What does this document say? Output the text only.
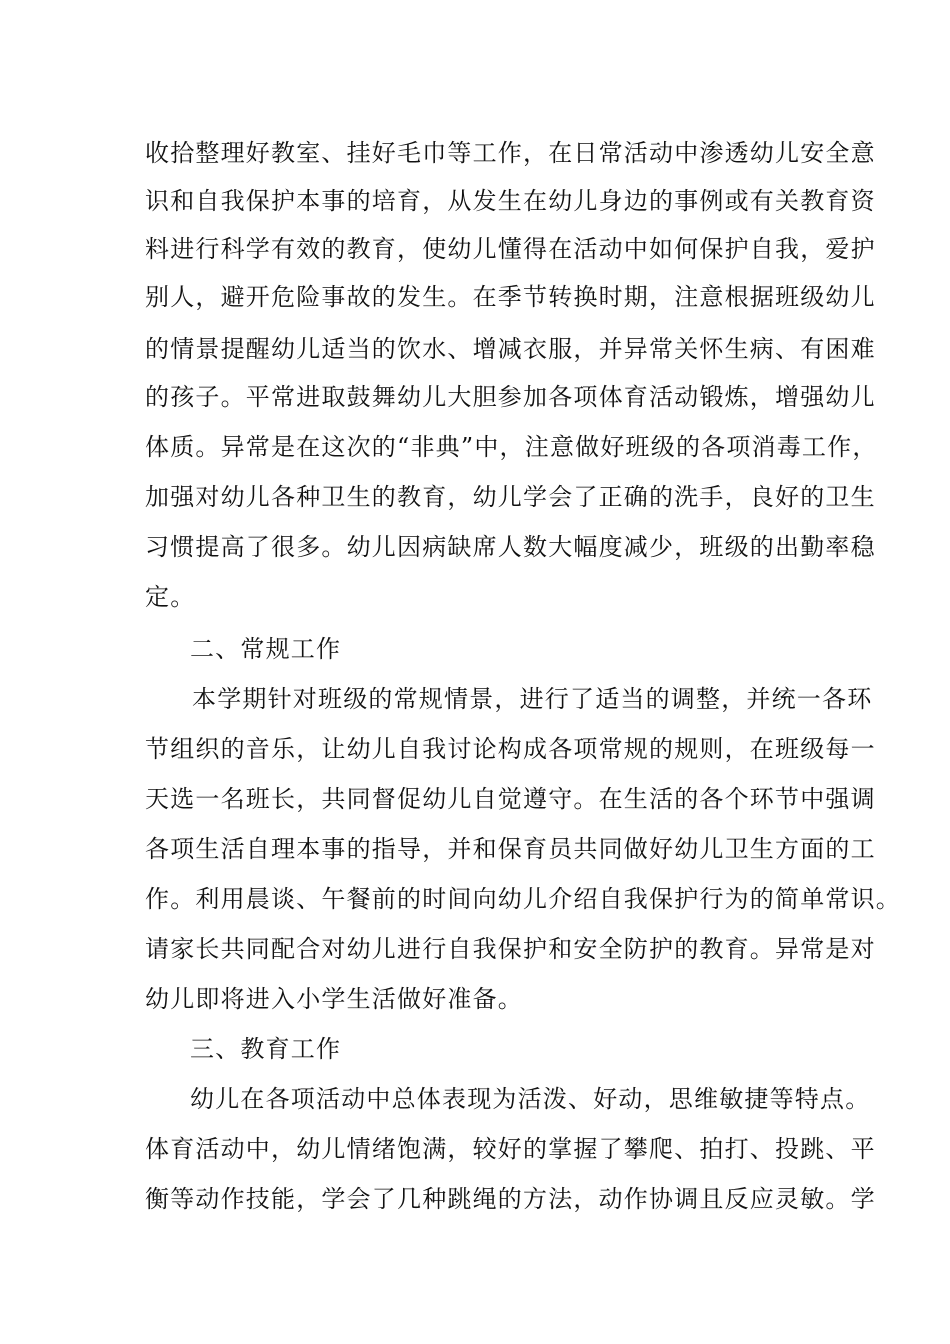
收拾整理好教室、挂好毛巾等工作，在日常活动中渗透幼儿安全意
识和自我保护本事的培育，从发生在幼儿身边的事例或有关教育资
料进行科学有效的教育，使幼儿懂得在活动中如何保护自我，爱护
别人，避开危险事故的发生。在季节转换时期，注意根据班级幼儿
的情景提醒幼儿适当的饮水、增减衣服，并异常关怀生病、有困难
的孩子。平常进取鼓舞幼儿大胆参加各项体育活动锻炼，增强幼儿
体质。异常是在这次的“非典”中，注意做好班级的各项消毒工作，
加强对幼儿各种卫生的教育，幼儿学会了正确的洗手，良好的卫生
习惯提高了很多。幼儿因病缺席人数大幅度减少，班级的出勤率稳
定。
二、常规工作
本学期针对班级的常规情景，进行了适当的调整，并统一各环
节组织的音乐，让幼儿自我讨论构成各项常规的规则，在班级每一
天选一名班长，共同督促幼儿自觉遵守。在生活的各个环节中强调
各项生活自理本事的指导，并和保育员共同做好幼儿卫生方面的工
作。利用晨谈、午餐前的时间向幼儿介绍自我保护行为的简单常识。
请家长共同配合对幼儿进行自我保护和安全防护的教育。异常是对
幼儿即将进入小学生活做好准备。
三、教育工作
幼儿在各项活动中总体表现为活泼、好动，思维敏捷等特点。
体育活动中，幼儿情绪饱满，较好的掌握了攀爬、拍打、投跳、平
衡等动作技能，学会了几种跳绳的方法，动作协调且反应灵敏。学
